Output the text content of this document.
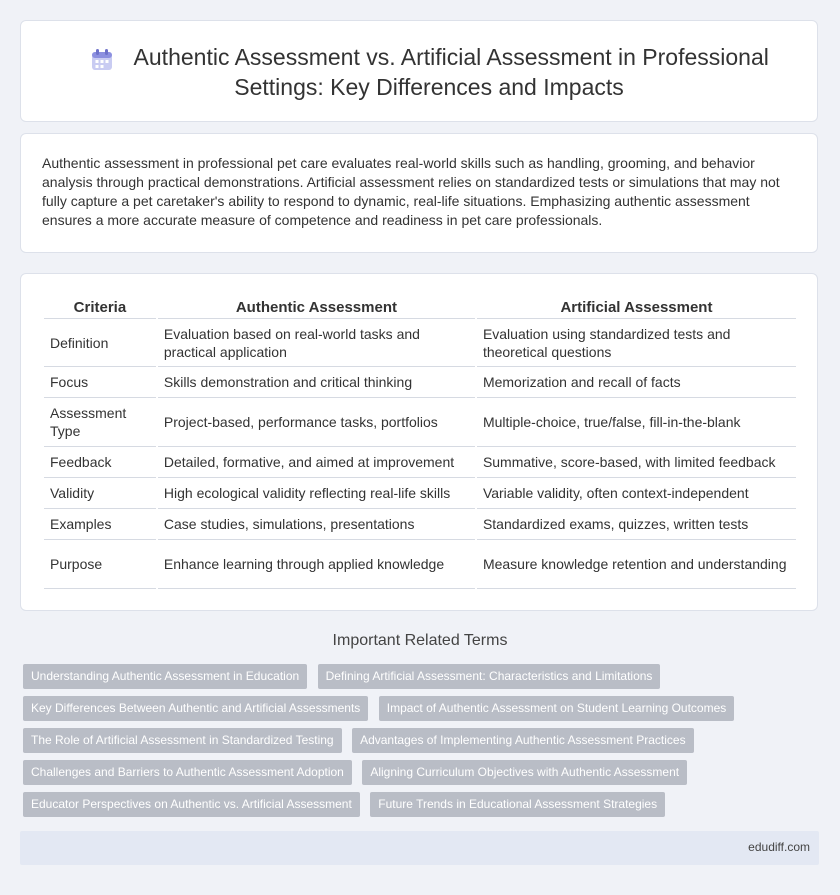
Authentic Assessment vs. Artificial Assessment in Professional Settings: Key Differences and Impacts

Authentic assessment in professional pet care evaluates real-world skills such as handling, grooming, and behavior analysis through practical demonstrations. Artificial assessment relies on standardized tests or simulations that may not fully capture a pet caretaker's ability to respond to dynamic, real-life situations. Emphasizing authentic assessment ensures a more accurate measure of competence and readiness in pet care professionals.

Criteria	Authentic Assessment	Artificial Assessment
Definition	Evaluation based on real-world tasks and practical application	Evaluation using standardized tests and theoretical questions
Focus	Skills demonstration and critical thinking	Memorization and recall of facts
Assessment Type	Project-based, performance tasks, portfolios	Multiple-choice, true/false, fill-in-the-blank
Feedback	Detailed, formative, and aimed at improvement	Summative, score-based, with limited feedback
Validity	High ecological validity reflecting real-life skills	Variable validity, often context-independent
Examples	Case studies, simulations, presentations	Standardized exams, quizzes, written tests
Purpose	Enhance learning through applied knowledge	Measure knowledge retention and understanding
Important Related Terms
Understanding Authentic Assessment in Education Defining Artificial Assessment: Characteristics and Limitations
Key Differences Between Authentic and Artificial Assessments Impact of Authentic Assessment on Student Learning Outcomes
The Role of Artificial Assessment in Standardized Testing Advantages of Implementing Authentic Assessment Practices
Challenges and Barriers to Authentic Assessment Adoption Aligning Curriculum Objectives with Authentic Assessment
Educator Perspectives on Authentic vs. Artificial Assessment Future Trends in Educational Assessment Strategies
edudiff.com
